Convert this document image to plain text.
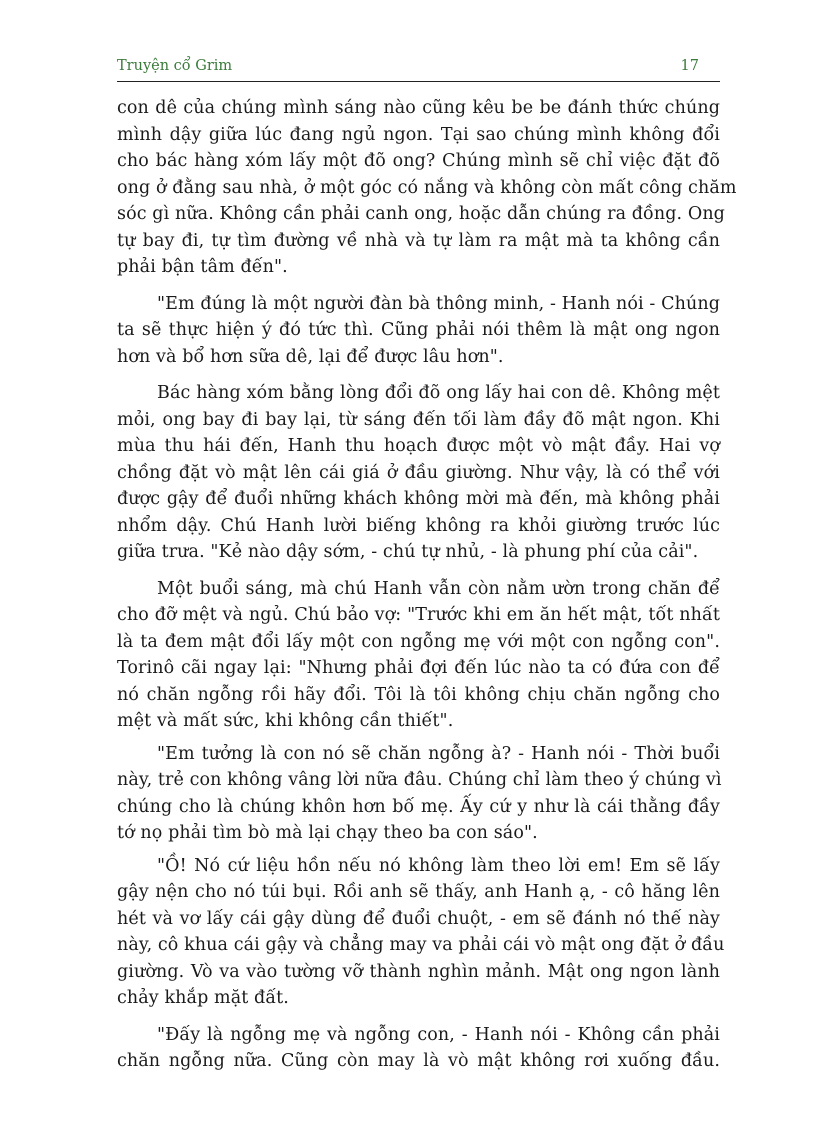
Truyện cổ Grim	17
con dê của chúng mình sáng nào cũng kêu be be đánh thức chúng
mình dậy giữa lúc đang ngủ ngon. Tại sao chúng mình không đổi
cho bác hàng xóm lấy một đõ ong? Chúng mình sẽ chỉ việc đặt đõ
ong ở đằng sau nhà, ở một góc có nắng và không còn mất công chăm
sóc gì nữa. Không cần phải canh ong, hoặc dẫn chúng ra đồng. Ong
tự bay đi, tự tìm đường về nhà và tự làm ra mật mà ta không cần
phải bận tâm đến".
"Em đúng là một người đàn bà thông minh, - Hanh nói - Chúng
ta sẽ thực hiện ý đó tức thì. Cũng phải nói thêm là mật ong ngon
hơn và bổ hơn sữa dê, lại để được lâu hơn".
Bác hàng xóm bằng lòng đổi đõ ong lấy hai con dê. Không mệt
mỏi, ong bay đi bay lại, từ sáng đến tối làm đầy đõ mật ngon. Khi
mùa thu hái đến, Hanh thu hoạch được một vò mật đầy. Hai vợ
chồng đặt vò mật lên cái giá ở đầu giường. Như vậy, là có thể với
được gậy để đuổi những khách không mời mà đến, mà không phải
nhổm dậy. Chú Hanh lười biếng không ra khỏi giường trước lúc
giữa trưa. "Kẻ nào dậy sớm, - chú tự nhủ, - là phung phí của cải".
Một buổi sáng, mà chú Hanh vẫn còn nằm ườn trong chăn để
cho đỡ mệt và ngủ. Chú bảo vợ: "Trước khi em ăn hết mật, tốt nhất
là ta đem mật đổi lấy một con ngỗng mẹ với một con ngỗng con".
Torinô cãi ngay lại: "Nhưng phải đợi đến lúc nào ta có đứa con để
nó chăn ngỗng rồi hãy đổi. Tôi là tôi không chịu chăn ngỗng cho
mệt và mất sức, khi không cần thiết".
"Em tưởng là con nó sẽ chăn ngỗng à? - Hanh nói - Thời buổi
này, trẻ con không vâng lời nữa đâu. Chúng chỉ làm theo ý chúng vì
chúng cho là chúng khôn hơn bố mẹ. Ấy cứ y như là cái thằng đầy
tớ nọ phải tìm bò mà lại chạy theo ba con sáo".
"Ồ! Nó cứ liệu hồn nếu nó không làm theo lời em! Em sẽ lấy
gậy nện cho nó túi bụi. Rồi anh sẽ thấy, anh Hanh ạ, - cô hăng lên
hét và vơ lấy cái gậy dùng để đuổi chuột, - em sẽ đánh nó thế này
này, cô khua cái gậy và chẳng may va phải cái vò mật ong đặt ở đầu
giường. Vò va vào tường vỡ thành nghìn mảnh. Mật ong ngon lành
chảy khắp mặt đất.
"Đấy là ngỗng mẹ và ngỗng con, - Hanh nói - Không cần phải
chăn ngỗng nữa. Cũng còn may là vò mật không rơi xuống đầu.
